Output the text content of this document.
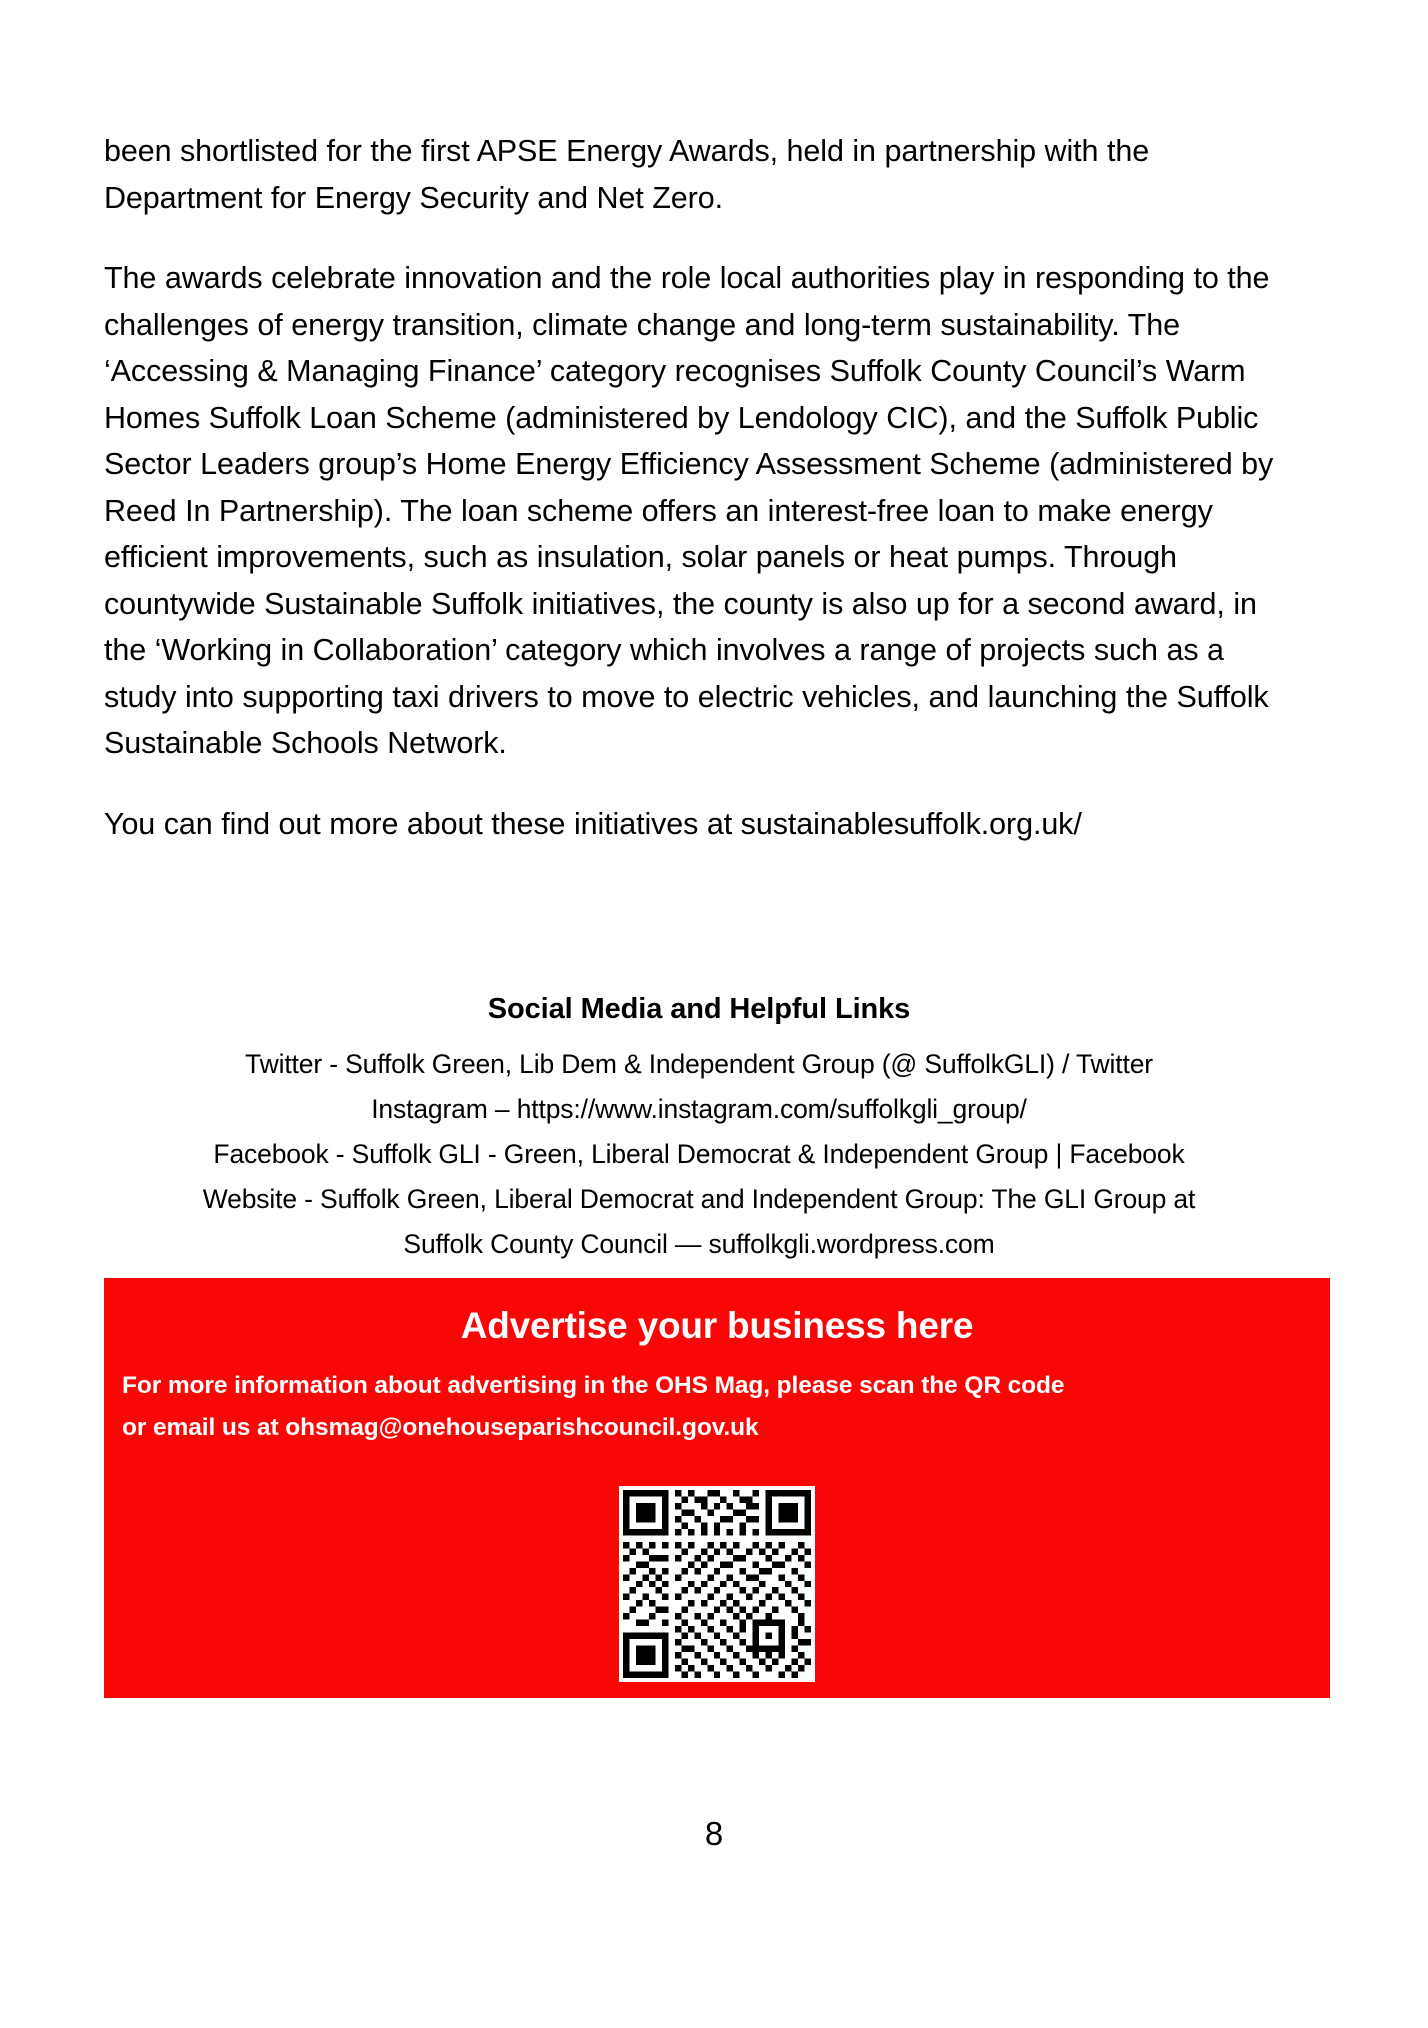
been shortlisted for the first APSE Energy Awards, held in partnership with the Department for Energy Security and Net Zero.

The awards celebrate innovation and the role local authorities play in responding to the challenges of energy transition, climate change and long-term sustainability. The ‘Accessing & Managing Finance’ category recognises Suffolk County Council’s Warm Homes Suffolk Loan Scheme (administered by Lendology CIC), and the Suffolk Public Sector Leaders group’s Home Energy Efficiency Assessment Scheme (administered by Reed In Partnership). The loan scheme offers an interest-free loan to make energy efficient improvements, such as insulation, solar panels or heat pumps. Through countywide Sustainable Suffolk initiatives, the county is also up for a second award, in the ‘Working in Collaboration’ category which involves a range of projects such as a study into supporting taxi drivers to move to electric vehicles, and launching the Suffolk Sustainable Schools Network.

You can find out more about these initiatives at sustainablesuffolk.org.uk/

Social Media and Helpful Links
Twitter - Suffolk Green, Lib Dem & Independent Group (@ SuffolkGLI) / Twitter
Instagram – https://www.instagram.com/suffolkgli_group/
Facebook - Suffolk GLI - Green, Liberal Democrat & Independent Group | Facebook
Website - Suffolk Green, Liberal Democrat and Independent Group: The GLI Group at
Suffolk County Council — suffolkgli.wordpress.com
Advertise your business here
For more information about advertising in the OHS Mag, please scan the QR code
or email us at ohsmag@onehouseparishcouncil.gov.uk
8
